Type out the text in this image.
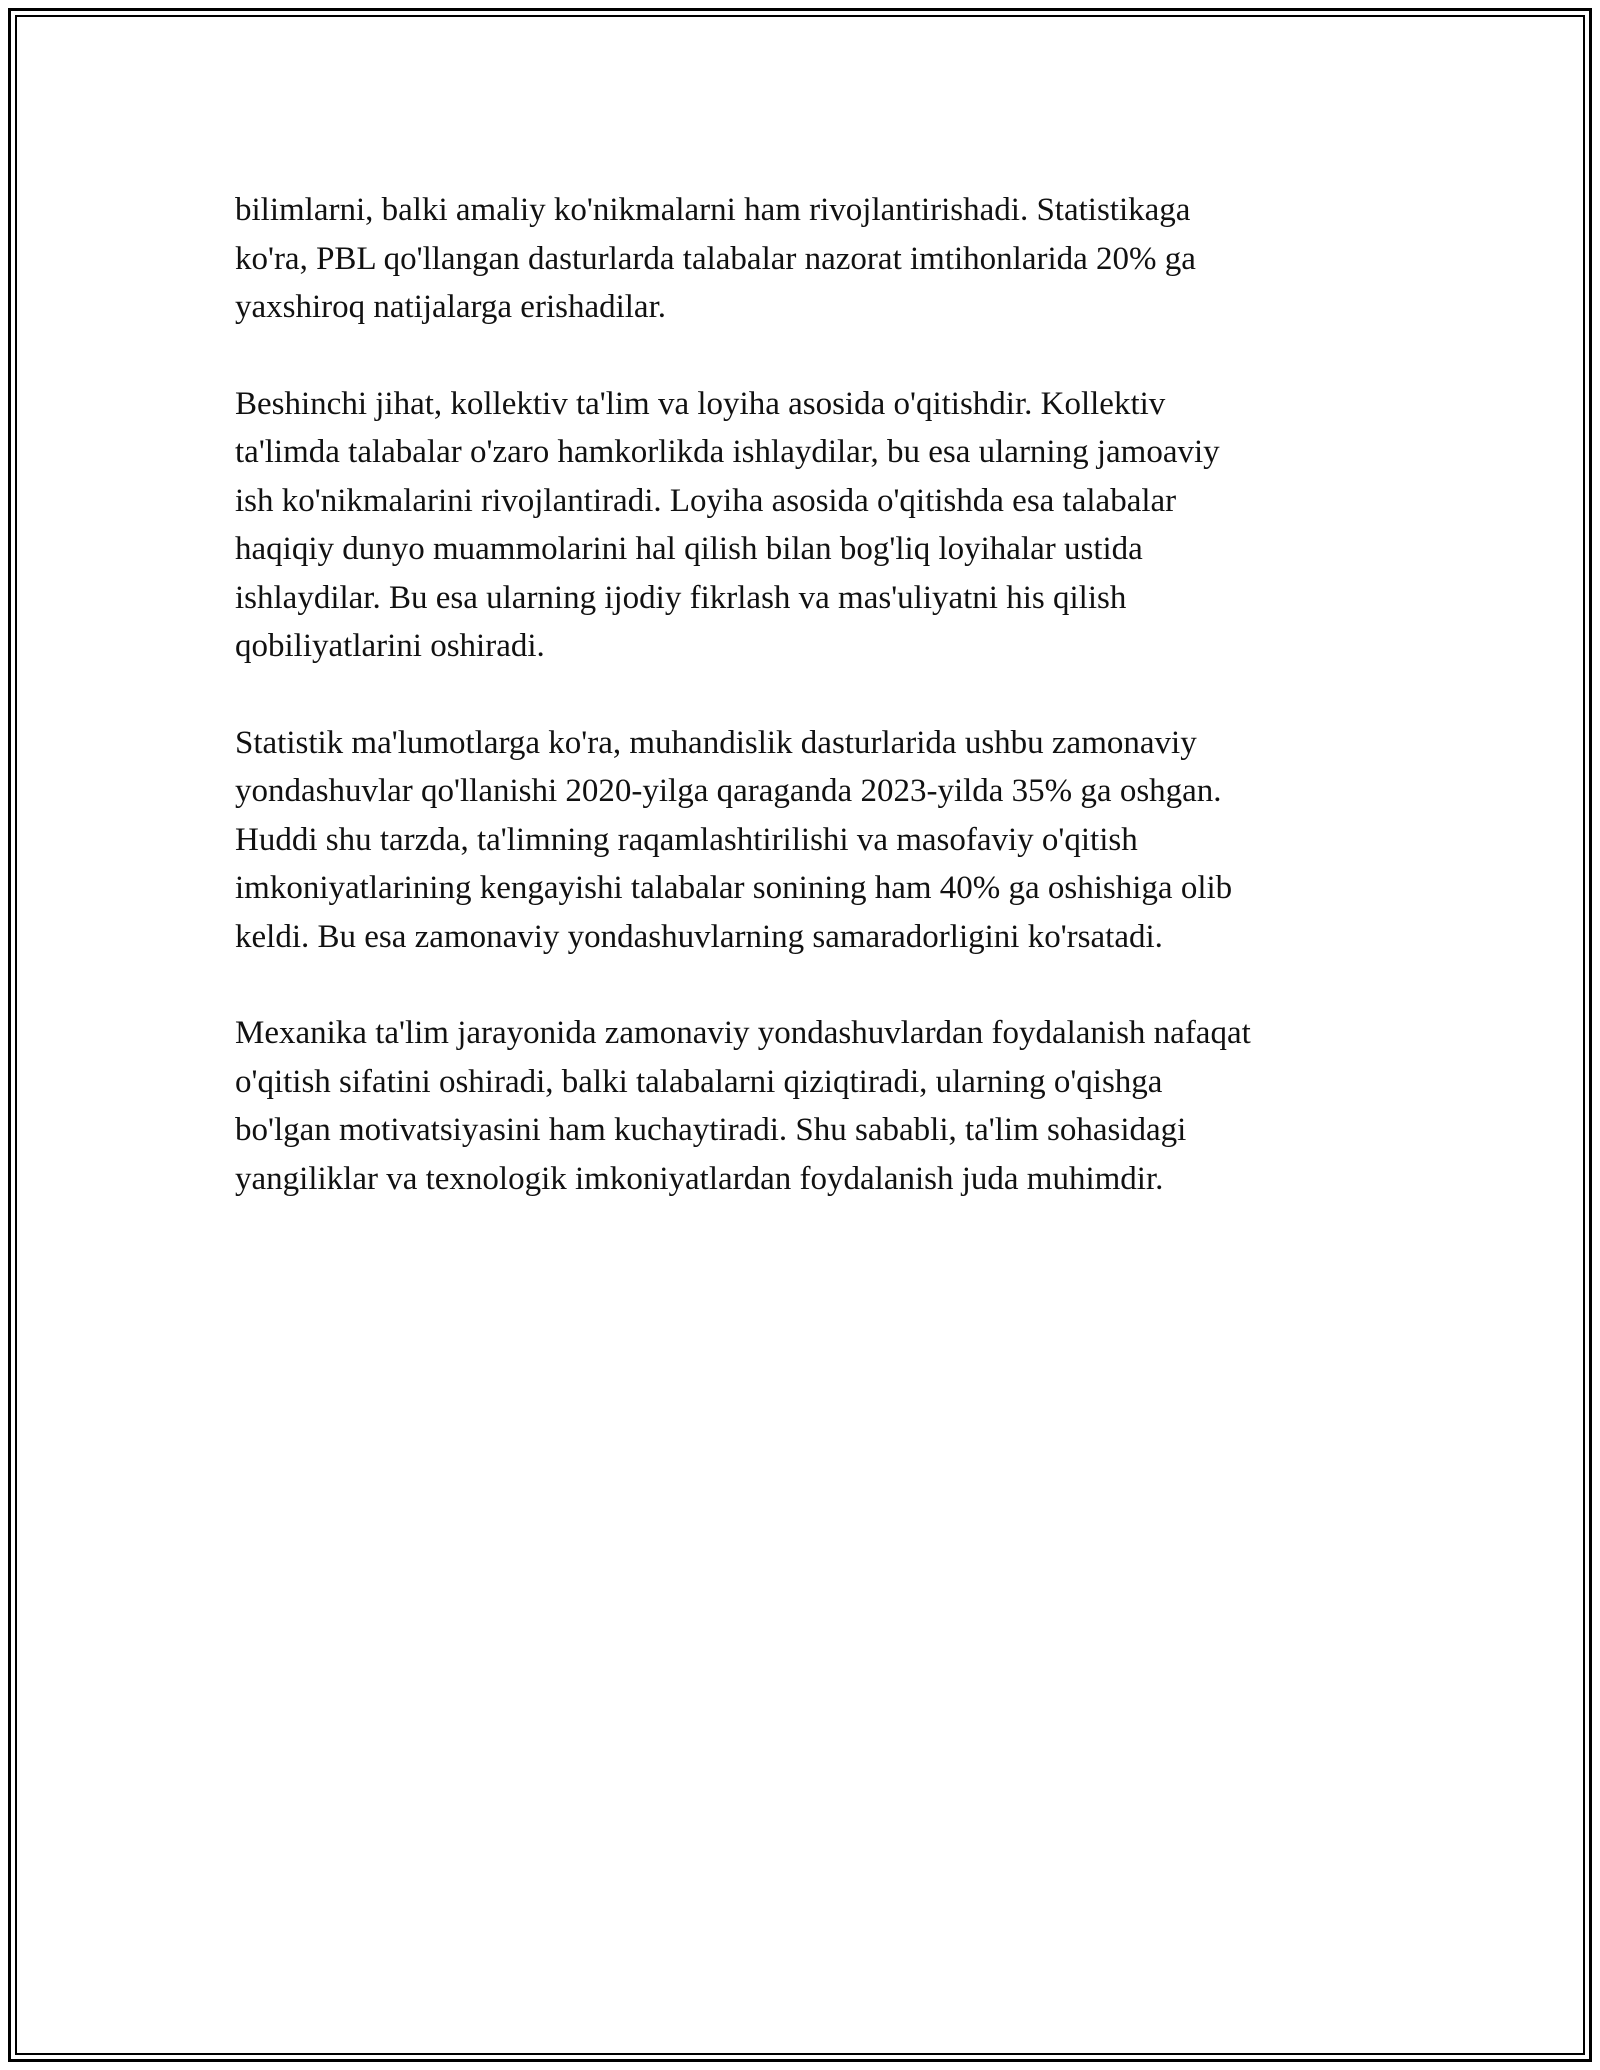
bilimlarni, balki amaliy ko'nikmalarni ham rivojlantirishadi. Statistikaga
ko'ra, PBL qo'llangan dasturlarda talabalar nazorat imtihonlarida 20% ga
yaxshiroq natijalarga erishadilar.

Beshinchi jihat, kollektiv ta'lim va loyiha asosida o'qitishdir. Kollektiv
ta'limda talabalar o'zaro hamkorlikda ishlaydilar, bu esa ularning jamoaviy
ish ko'nikmalarini rivojlantiradi. Loyiha asosida o'qitishda esa talabalar
haqiqiy dunyo muammolarini hal qilish bilan bog'liq loyihalar ustida
ishlaydilar. Bu esa ularning ijodiy fikrlash va mas'uliyatni his qilish
qobiliyatlarini oshiradi.

Statistik ma'lumotlarga ko'ra, muhandislik dasturlarida ushbu zamonaviy
yondashuvlar qo'llanishi 2020-yilga qaraganda 2023-yilda 35% ga oshgan.
Huddi shu tarzda, ta'limning raqamlashtirilishi va masofaviy o'qitish
imkoniyatlarining kengayishi talabalar sonining ham 40% ga oshishiga olib
keldi. Bu esa zamonaviy yondashuvlarning samaradorligini ko'rsatadi.

Mexanika ta'lim jarayonida zamonaviy yondashuvlardan foydalanish nafaqat
o'qitish sifatini oshiradi, balki talabalarni qiziqtiradi, ularning o'qishga
bo'lgan motivatsiyasini ham kuchaytiradi. Shu sababli, ta'lim sohasidagi
yangiliklar va texnologik imkoniyatlardan foydalanish juda muhimdir.
